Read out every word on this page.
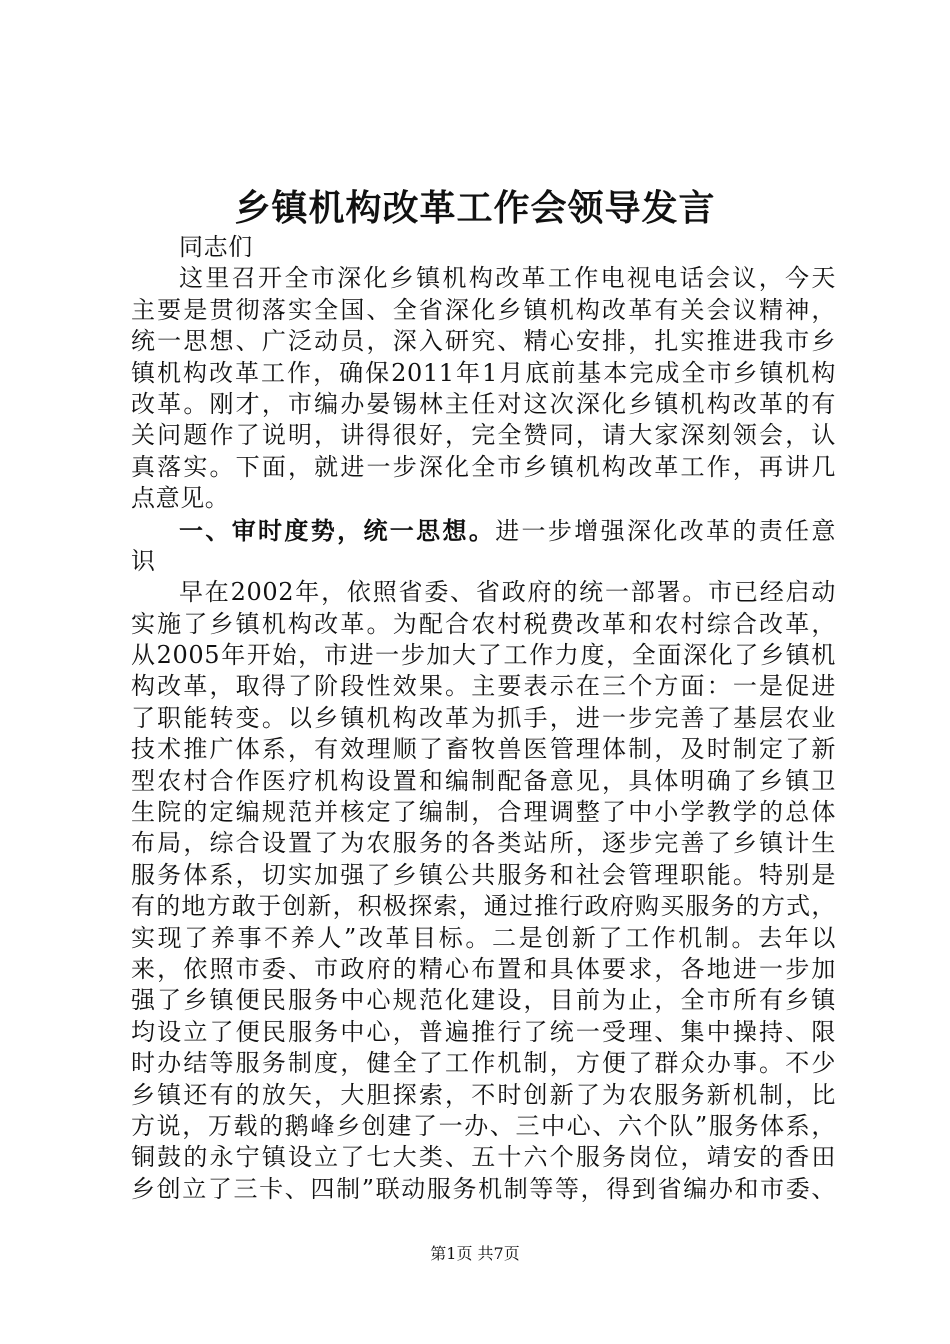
乡镇机构改革工作会领导发言
同志们
这里召开全市深化乡镇机构改革工作电视电话会议，今天
主要是贯彻落实全国、全省深化乡镇机构改革有关会议精神，
统一思想、广泛动员，深入研究、精心安排，扎实推进我市乡
镇机构改革工作，确保2011年1月底前基本完成全市乡镇机构
改革。刚才，市编办晏锡林主任对这次深化乡镇机构改革的有
关问题作了说明，讲得很好，完全赞同，请大家深刻领会，认
真落实。下面，就进一步深化全市乡镇机构改革工作，再讲几
点意见。
一、审时度势，统一思想。进一步增强深化改革的责任意
识
早在2002年，依照省委、省政府的统一部署。市已经启动
实施了乡镇机构改革。为配合农村税费改革和农村综合改革，
从2005年开始，市进一步加大了工作力度，全面深化了乡镇机
构改革，取得了阶段性效果。主要表示在三个方面：一是促进
了职能转变。以乡镇机构改革为抓手，进一步完善了基层农业
技术推广体系，有效理顺了畜牧兽医管理体制，及时制定了新
型农村合作医疗机构设置和编制配备意见，具体明确了乡镇卫
生院的定编规范并核定了编制，合理调整了中小学教学的总体
布局，综合设置了为农服务的各类站所，逐步完善了乡镇计生
服务体系，切实加强了乡镇公共服务和社会管理职能。特别是
有的地方敢于创新，积极探索，通过推行政府购买服务的方式，
实现了养事不养人”改革目标。二是创新了工作机制。去年以
来，依照市委、市政府的精心布置和具体要求，各地进一步加
强了乡镇便民服务中心规范化建设，目前为止，全市所有乡镇
均设立了便民服务中心，普遍推行了统一受理、集中操持、限
时办结等服务制度，健全了工作机制，方便了群众办事。不少
乡镇还有的放矢，大胆探索，不时创新了为农服务新机制，比
方说，万载的鹅峰乡创建了一办、三中心、六个队”服务体系，
铜鼓的永宁镇设立了七大类、五十六个服务岗位，靖安的香田
乡创立了三卡、四制”联动服务机制等等，得到省编办和市委、
第1页 共7页
